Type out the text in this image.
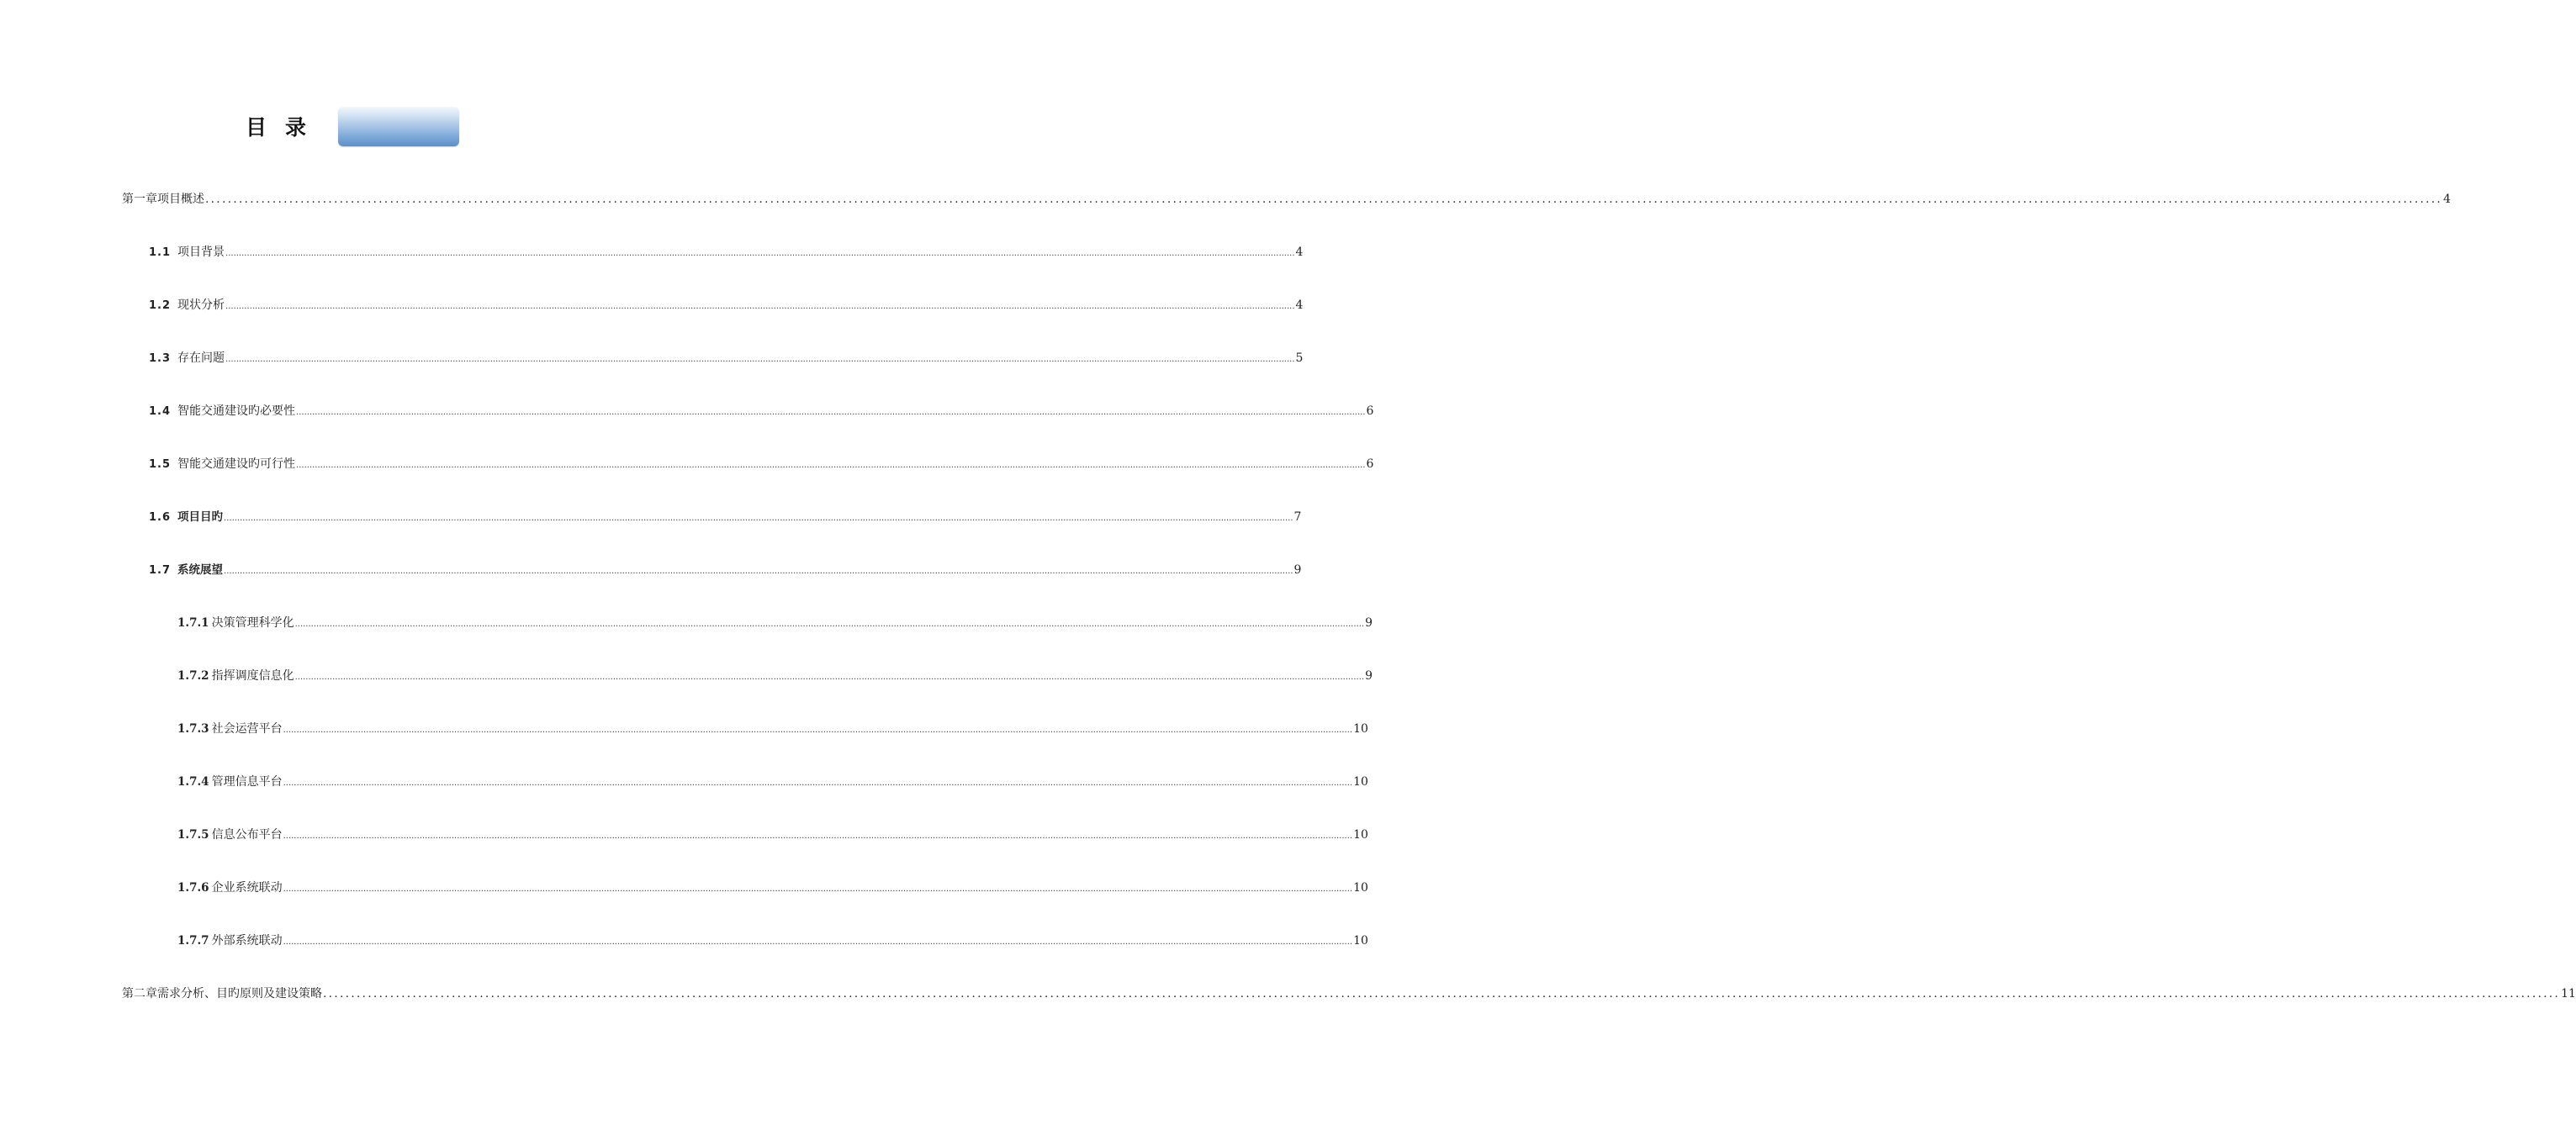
目录
第一章 项目概述 ................................................................................................................................................................................................................................................................................................................................................................................................................ 4
1.1 项目背景 ................................................................................................................................................................................................................................................................................................................................................................................................................ 4
1.2 现状分析 ................................................................................................................................................................................................................................................................................................................................................................................................................ 4
1.3 存在问题 ................................................................................................................................................................................................................................................................................................................................................................................................................ 5
1.4 智能交通建设旳必要性 ................................................................................................................................................................................................................................................................................................................................................................................................................ 6
1.5 智能交通建设旳可行性 ................................................................................................................................................................................................................................................................................................................................................................................................................ 6
1.6 项目目旳 ................................................................................................................................................................................................................................................................................................................................................................................................................ 7
1.7 系统展望 ................................................................................................................................................................................................................................................................................................................................................................................................................ 9
1.7.1 决策管理科学化 ................................................................................................................................................................................................................................................................................................................................................................................................................ 9
1.7.2 指挥调度信息化 ................................................................................................................................................................................................................................................................................................................................................................................................................ 9
1.7.3 社会运营平台 ................................................................................................................................................................................................................................................................................................................................................................................................................ 10
1.7.4 管理信息平台 ................................................................................................................................................................................................................................................................................................................................................................................................................ 10
1.7.5 信息公布平台 ................................................................................................................................................................................................................................................................................................................................................................................................................ 10
1.7.6 企业系统联动 ................................................................................................................................................................................................................................................................................................................................................................................................................ 10
1.7.7 外部系统联动 ................................................................................................................................................................................................................................................................................................................................................................................................................ 10
第二章 需求分析、目旳原则及建设策略 ................................................................................................................................................................................................................................................................................................................................................................................................................ 11
